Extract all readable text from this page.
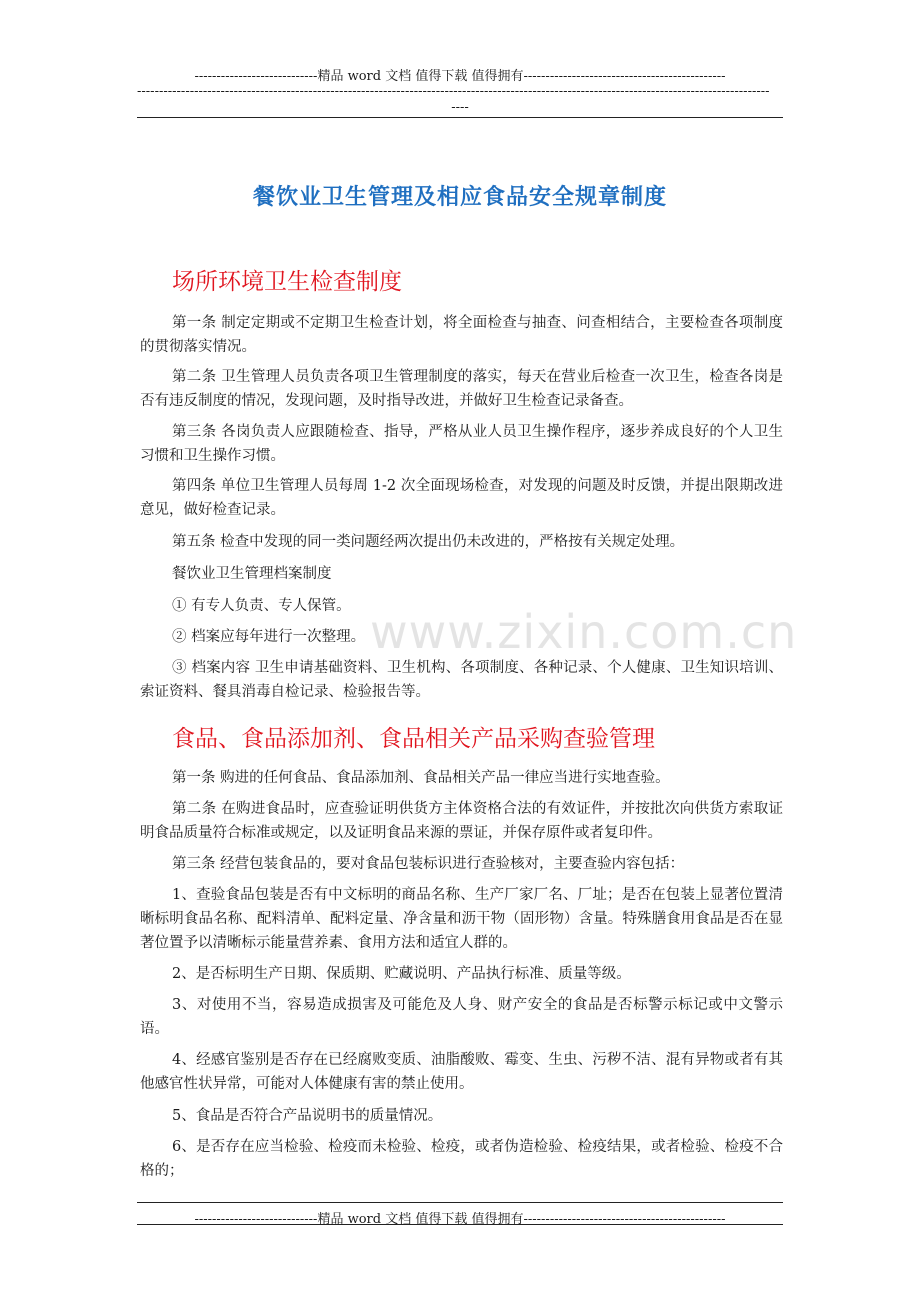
----------------------------精品 word 文档 值得下载 值得拥有----------------------------------------------
------------------------------------------------------------------------------------------------------------------------------------------------
----
餐饮业卫生管理及相应食品安全规章制度
场所环境卫生检查制度
第一条 制定定期或不定期卫生检查计划，将全面检查与抽查、问查相结合，主要检查各项制度的贯彻落实情况。
第二条 卫生管理人员负责各项卫生管理制度的落实，每天在营业后检查一次卫生，检查各岗是否有违反制度的情况，发现问题，及时指导改进，并做好卫生检查记录备查。
第三条 各岗负责人应跟随检查、指导，严格从业人员卫生操作程序，逐步养成良好的个人卫生习惯和卫生操作习惯。
第四条 单位卫生管理人员每周 1-2 次全面现场检查，对发现的问题及时反馈，并提出限期改进意见，做好检查记录。
第五条 检查中发现的同一类问题经两次提出仍未改进的，严格按有关规定处理。
餐饮业卫生管理档案制度
① 有专人负责、专人保管。
② 档案应每年进行一次整理。
③ 档案内容 卫生申请基础资料、卫生机构、各项制度、各种记录、个人健康、卫生知识培训、索证资料、餐具消毒自检记录、检验报告等。
www.zixin.com.cn
食品、食品添加剂、食品相关产品采购查验管理
第一条 购进的任何食品、食品添加剂、食品相关产品一律应当进行实地查验。
第二条 在购进食品时，应查验证明供货方主体资格合法的有效证件，并按批次向供货方索取证明食品质量符合标准或规定，以及证明食品来源的票证，并保存原件或者复印件。
第三条 经营包装食品的，要对食品包装标识进行查验核对，主要查验内容包括：
1、查验食品包装是否有中文标明的商品名称、生产厂家厂名、厂址；是否在包装上显著位置清晰标明食品名称、配料清单、配料定量、净含量和沥干物（固形物）含量。特殊膳食用食品是否在显著位置予以清晰标示能量营养素、食用方法和适宜人群的。
2、是否标明生产日期、保质期、贮藏说明、产品执行标准、质量等级。
3、对使用不当，容易造成损害及可能危及人身、财产安全的食品是否标警示标记或中文警示语。
4、经感官鉴别是否存在已经腐败变质、油脂酸败、霉变、生虫、污秽不洁、混有异物或者有其他感官性状异常，可能对人体健康有害的禁止使用。
5、食品是否符合产品说明书的质量情况。
6、是否存在应当检验、检疫而未检验、检疫，或者伪造检验、检疫结果，或者检验、检疫不合格的；
----------------------------精品 word 文档 值得下载 值得拥有----------------------------------------------
